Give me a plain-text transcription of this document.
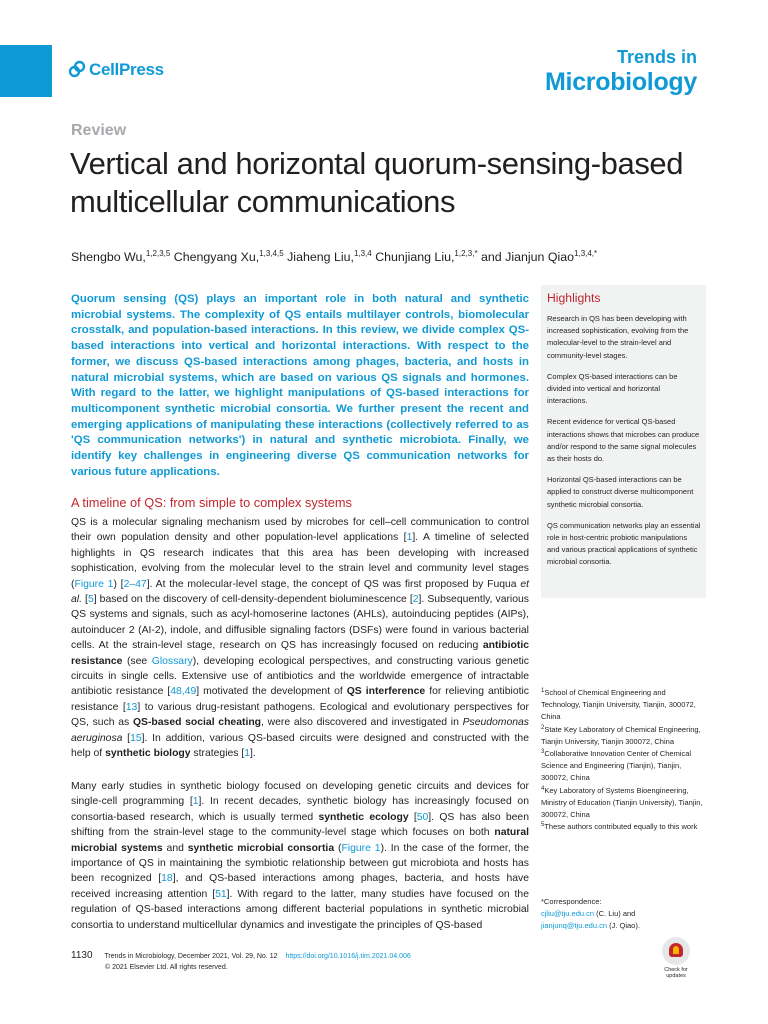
CellPress
Trends in
Microbiology
Review
Vertical and horizontal quorum-sensing-based multicellular communications
Shengbo Wu,$^{1,2,3,5}$ Chengyang Xu,$^{1,3,4,5}$ Jiaheng Liu,$^{1,3,4}$ Chunjiang Liu,$^{1,2,3,*}$ and Jianjun Qiao$^{1,3,4,*}$

Quorum sensing (QS) plays an important role in both natural and synthetic microbial systems. The complexity of QS entails multilayer controls, biomolecular crosstalk, and population-based interactions. In this review, we divide complex QS-based interactions into vertical and horizontal interactions. With respect to the former, we discuss QS-based interactions among phages, bacteria, and hosts in natural microbial systems, which are based on various QS signals and hormones. With regard to the latter, we highlight manipulations of QS-based interactions for multicomponent synthetic microbial consortia. We further present the recent and emerging applications of manipulating these interactions (collectively referred to as 'QS communication networks') in natural and synthetic microbiota. Finally, we identify key challenges in engineering diverse QS communication networks for various future applications.

A timeline of QS: from simple to complex systems

QS is a molecular signaling mechanism used by microbes for cell–cell communication to control their own population density and other population-level applications [1]. A timeline of selected highlights in QS research indicates that this area has been developing with increased sophistication, evolving from the molecular level to the strain level and community level stages (Figure 1) [2–47]. At the molecular-level stage, the concept of QS was first proposed by Fuqua et al. [5] based on the discovery of cell-density-dependent bioluminescence [2]. Subsequently, various QS systems and signals, such as acyl-homoserine lactones (AHLs), autoinducing peptides (AIPs), autoinducer 2 (AI-2), indole, and diffusible signaling factors (DSFs) were found in various bacterial cells. At the strain-level stage, research on QS has increasingly focused on reducing antibiotic resistance (see Glossary), developing ecological perspectives, and constructing various genetic circuits in single cells. Extensive use of antibiotics and the worldwide emergence of intractable antibiotic resistance [48,49] motivated the development of QS interference for relieving antibiotic resistance [13] to various drug-resistant pathogens. Ecological and evolutionary perspectives for QS, such as QS-based social cheating, were also discovered and investigated in Pseudomonas aeruginosa [15]. In addition, various QS-based circuits were designed and constructed with the help of synthetic biology strategies [1].

Many early studies in synthetic biology focused on developing genetic circuits and devices for single-cell programming [1]. In recent decades, synthetic biology has increasingly focused on consortia-based research, which is usually termed synthetic ecology [50]. QS has also been shifting from the strain-level stage to the community-level stage which focuses on both natural microbial systems and synthetic microbial consortia (Figure 1). In the case of the former, the importance of QS in maintaining the symbiotic relationship between gut microbiota and hosts has been recognized [18], and QS-based interactions among phages, bacteria, and hosts have received increasing attention [51]. With regard to the latter, many studies have focused on the regulation of QS-based interactions among different bacterial populations in synthetic microbial consortia to understand multicellular dynamics and investigate the principles of QS-based

Highlights

Research in QS has been developing with increased sophistication, evolving from the molecular-level to the strain-level and community-level stages.

Complex QS-based interactions can be divided into vertical and horizontal interactions.

Recent evidence for vertical QS-based interactions shows that microbes can produce and/or respond to the same signal molecules as their hosts do.

Horizontal QS-based interactions can be applied to construct diverse multicomponent synthetic microbial consortia.

QS communication networks play an essential role in host-centric probiotic manipulations and various practical applications of synthetic microbial consortia.

$^1$School of Chemical Engineering and Technology, Tianjin University, Tianjin, 300072, China
$^2$State Key Laboratory of Chemical Engineering, Tianjin University, Tianjin 300072, China
$^3$Collaborative Innovation Center of Chemical Science and Engineering (Tianjin), Tianjin, 300072, China
$^4$Key Laboratory of Systems Bioengineering, Ministry of Education (Tianjin University), Tianjin, 300072, China
$^5$These authors contributed equally to this work
*Correspondence:
cjliu@tju.edu.cn (C. Liu) and
jianjunq@tju.edu.cn (J. Qiao).
1130 Trends in Microbiology, December 2021, Vol. 29, No. 12 https://doi.org/10.1016/j.tim.2021.04.006
© 2021 Elsevier Ltd. All rights reserved.	Check for updates
